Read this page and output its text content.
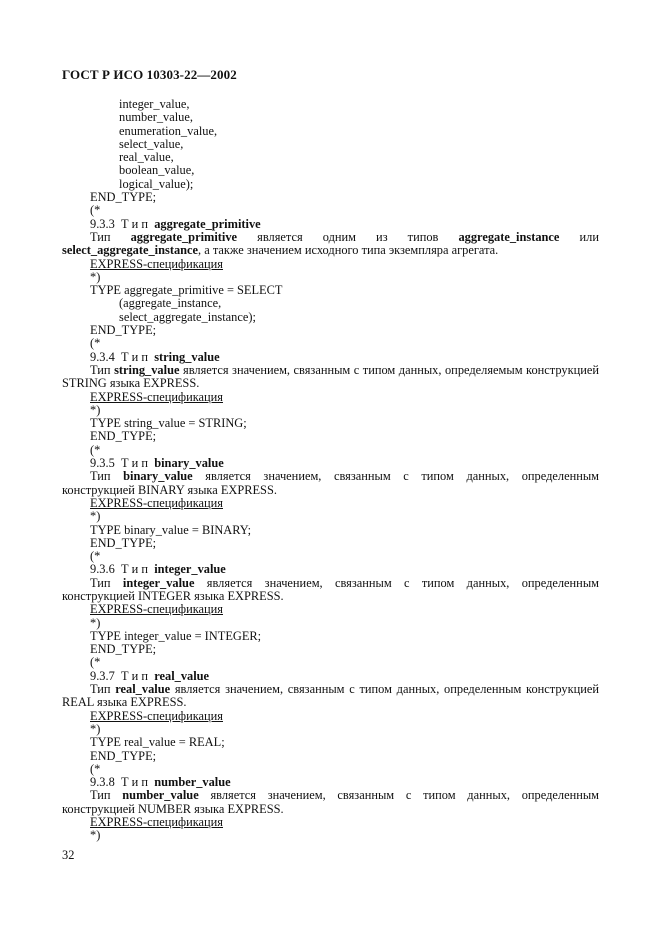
ГОСТ Р ИСО 10303-22—2002
integer_value,
number_value,
enumeration_value,
select_value,
real_value,
boolean_value,
logical_value);
END_TYPE;
(*
9.3.3 Т и п aggregate_primitive
Тип aggregate_primitive является одним из типов aggregate_instance или select_aggregate_instance, а также значением исходного типа экземпляра агрегата.
EXPRESS-спецификация
*)
TYPE aggregate_primitive = SELECT
(aggregate_instance,
select_aggregate_instance);
END_TYPE;
(*
9.3.4 Т и п string_value
Тип string_value является значением, связанным с типом данных, определяемым конструкцией STRING языка EXPRESS.
EXPRESS-спецификация
*)
TYPE string_value = STRING;
END_TYPE;
(*
9.3.5 Т и п binary_value
Тип binary_value является значением, связанным с типом данных, определенным конструкцией BINARY языка EXPRESS.
EXPRESS-спецификация
*)
TYPE binary_value = BINARY;
END_TYPE;
(*
9.3.6 Т и п integer_value
Тип integer_value является значением, связанным с типом данных, определенным конструкцией INTEGER языка EXPRESS.
EXPRESS-спецификация
*)
TYPE integer_value = INTEGER;
END_TYPE;
(*
9.3.7 Т и п real_value
Тип real_value является значением, связанным с типом данных, определенным конструкцией REAL языка EXPRESS.
EXPRESS-спецификация
*)
TYPE real_value = REAL;
END_TYPE;
(*
9.3.8 Т и п number_value
Тип number_value является значением, связанным с типом данных, определенным конструкцией NUMBER языка EXPRESS.
EXPRESS-спецификация
*)
32
